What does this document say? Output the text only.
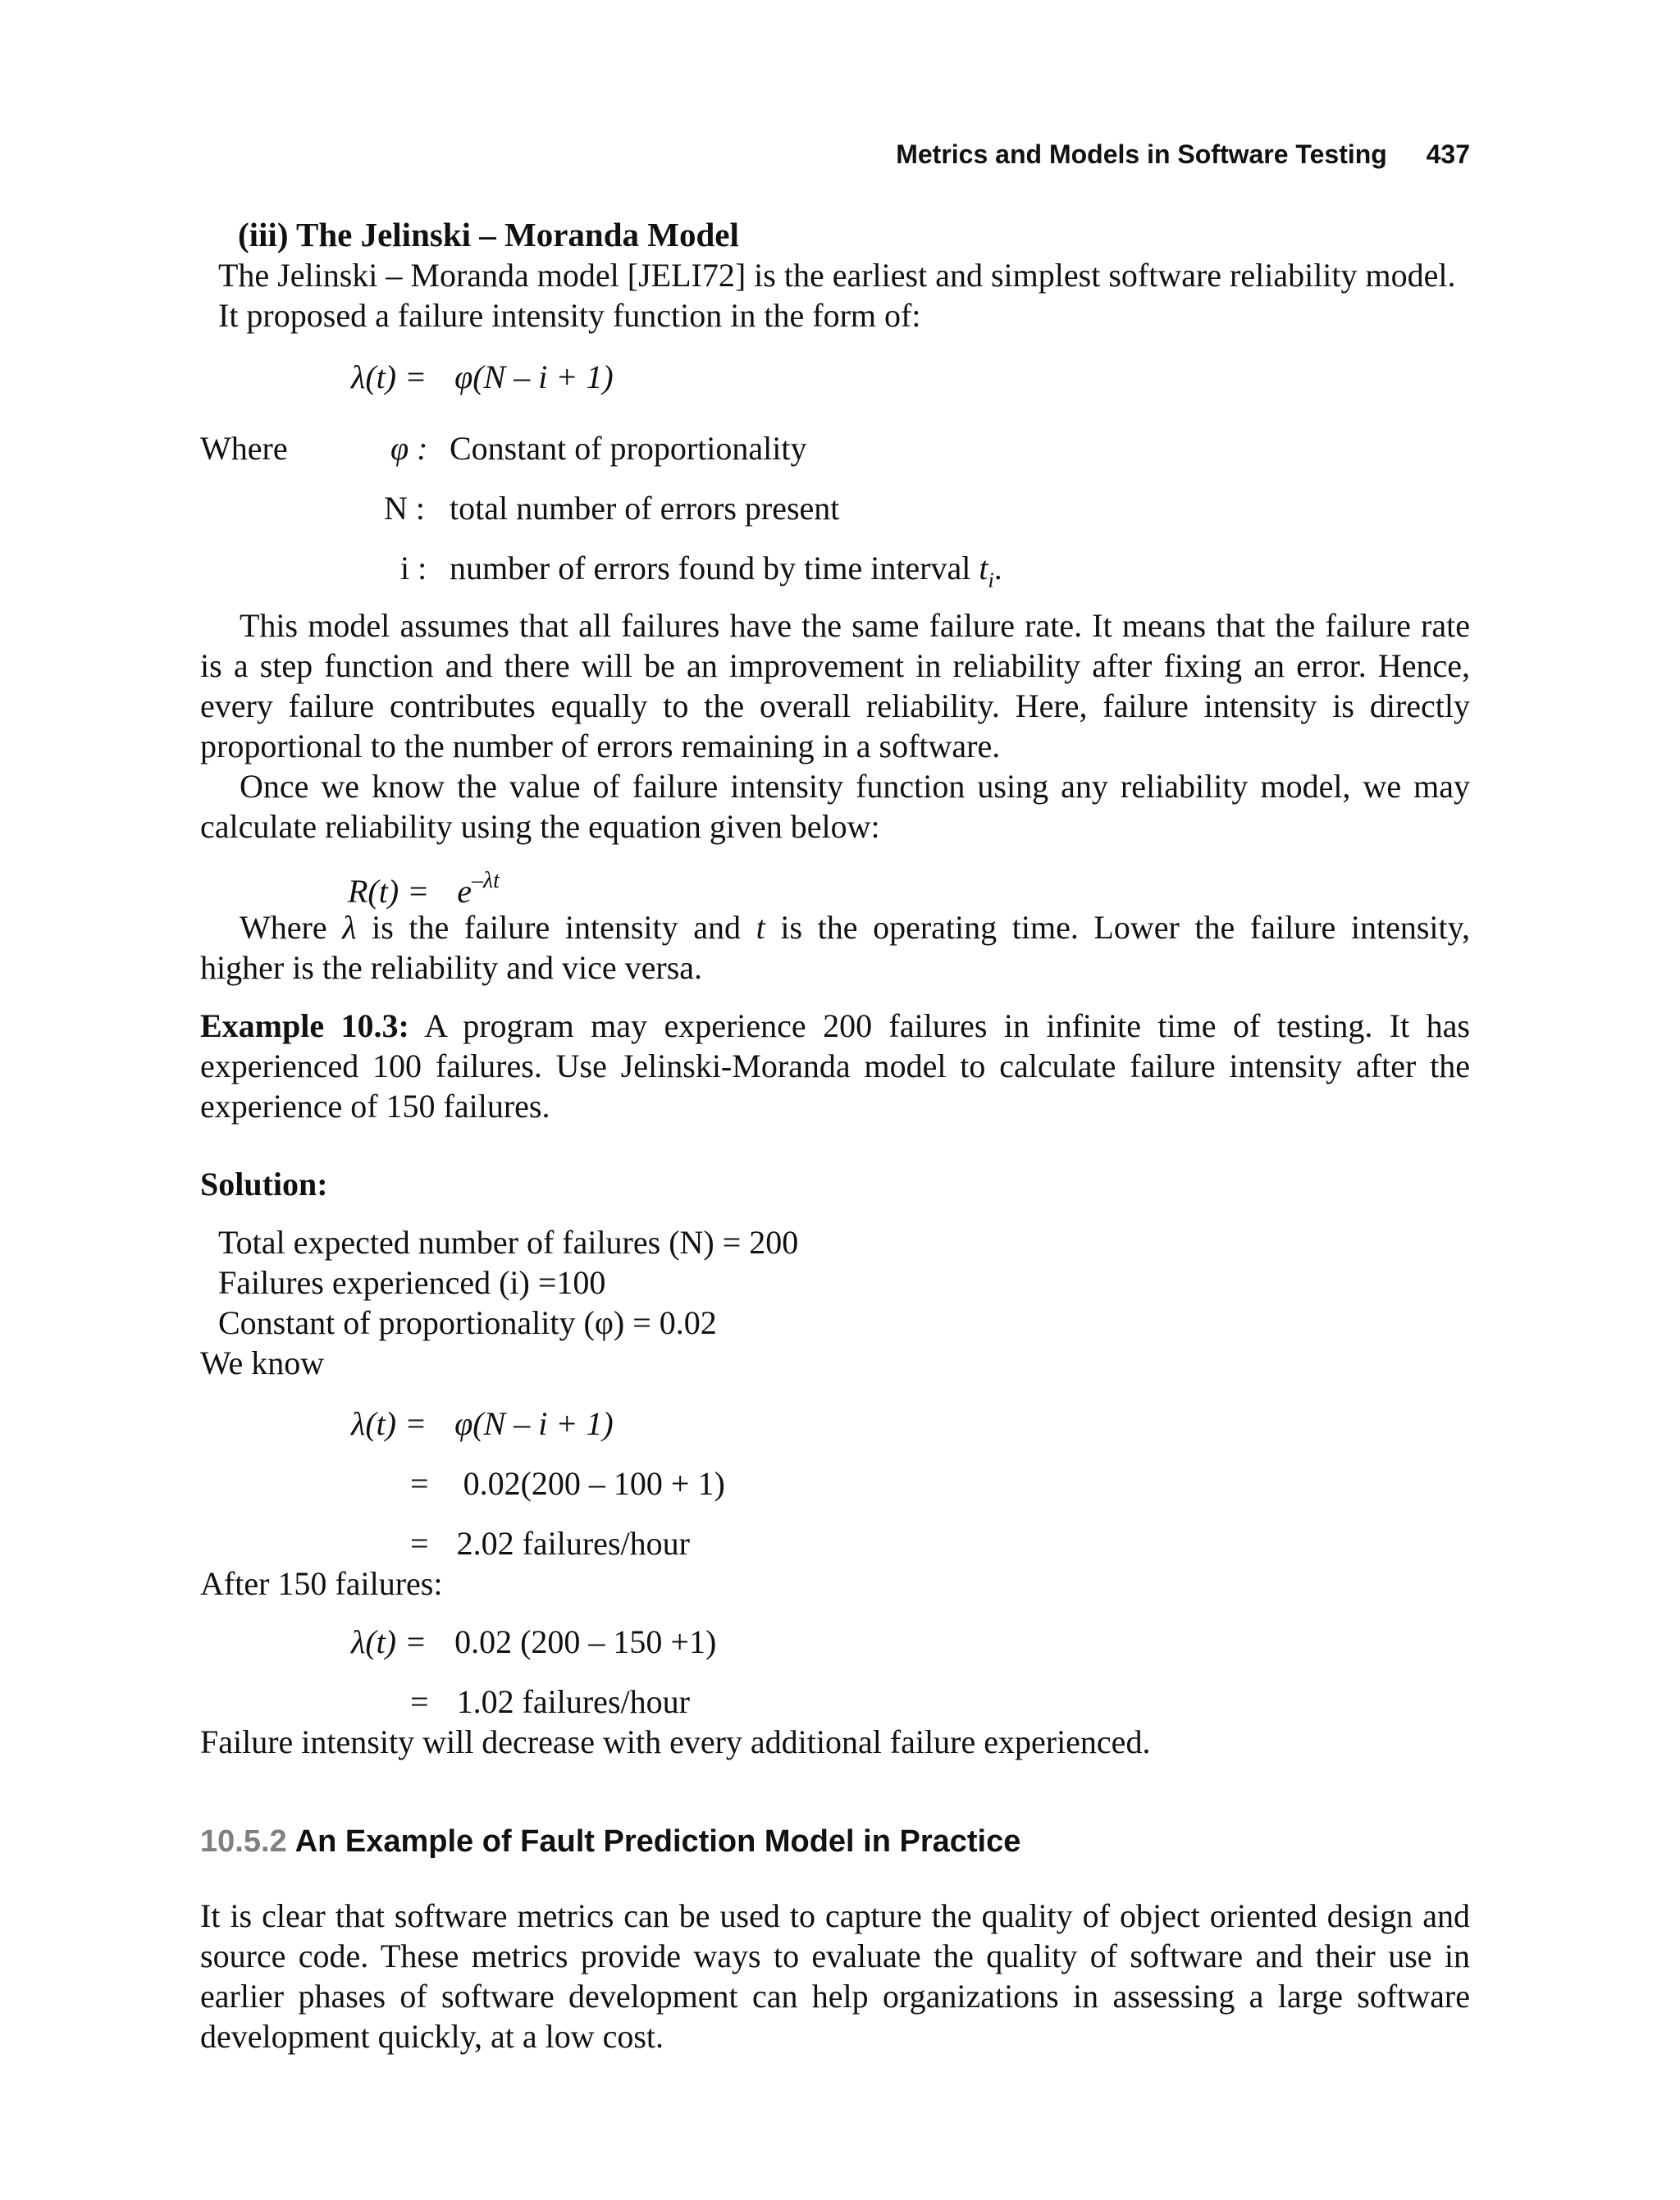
Metrics and Models in Software Testing 437
(iii) The Jelinski – Moranda Model
The Jelinski – Moranda model [JELI72] is the earliest and simplest software reliability model.
It proposed a failure intensity function in the form of:
λ(t) = φ(N – i + 1)
Where	φ : Constant of proportionality
N : total number of errors present
i : number of errors found by time interval $t_i$.
This model assumes that all failures have the same failure rate. It means that the failure rate
is a step function and there will be an improvement in reliability after fixing an error. Hence,
every failure contributes equally to the overall reliability. Here, failure intensity is directly
proportional to the number of errors remaining in a software.
Once we know the value of failure intensity function using any reliability model, we may
calculate reliability using the equation given below:
$R(t) = e^{-\lambda t}$
Where λ is the failure intensity and t is the operating time. Lower the failure intensity,
higher is the reliability and vice versa.
Example 10.3: A program may experience 200 failures in infinite time of testing. It has
experienced 100 failures. Use Jelinski-Moranda model to calculate failure intensity after the
experience of 150 failures.
Solution:
Total expected number of failures (N) = 200
Failures experienced (i) =100
Constant of proportionality (φ) = 0.02
We know
λ(t) = φ(N – i + 1)
= 0.02(200 – 100 + 1)
= 2.02 failures/hour
After 150 failures:
λ(t) = 0.02 (200 – 150 +1)
= 1.02 failures/hour
Failure intensity will decrease with every additional failure experienced.
10.5.2 An Example of Fault Prediction Model in Practice
It is clear that software metrics can be used to capture the quality of object oriented design and
source code. These metrics provide ways to evaluate the quality of software and their use in
earlier phases of software development can help organizations in assessing a large software
development quickly, at a low cost.
